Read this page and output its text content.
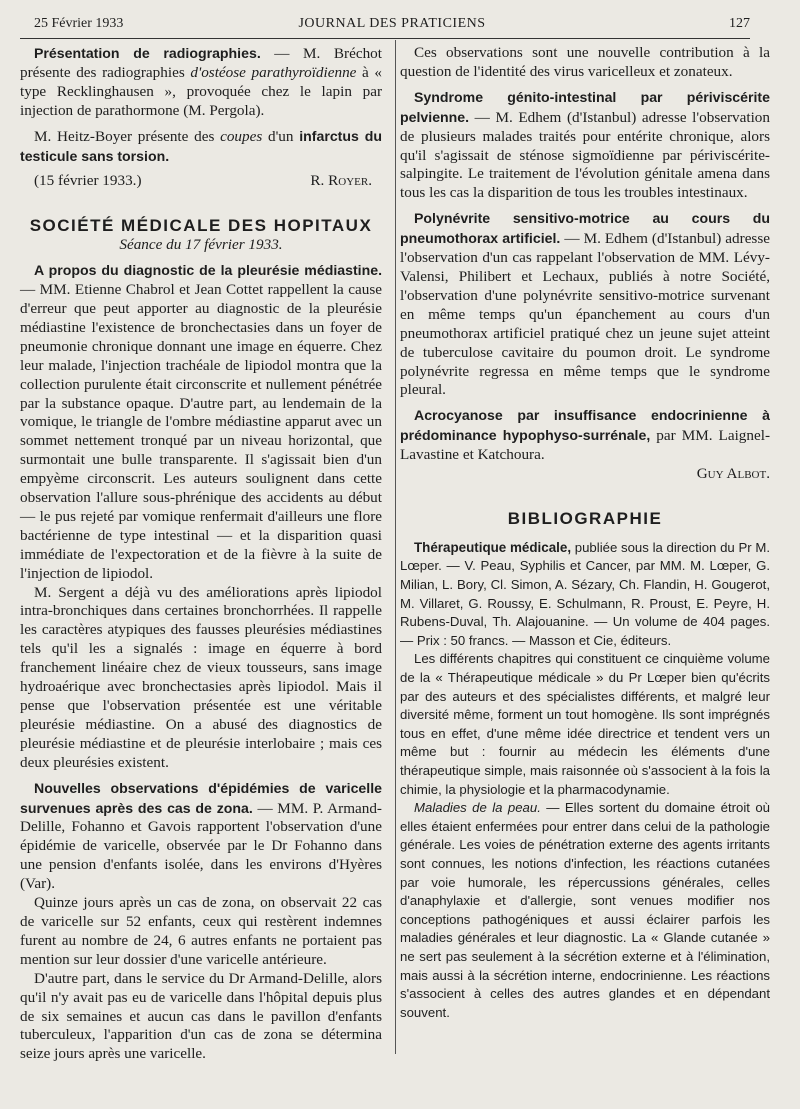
25 Février 1933	JOURNAL DES PRATICIENS	127

Présentation de radiographies. — M. Bréchot présente des radiographies d'ostéose parathyroïdienne à « type Recklinghausen », provoquée chez le lapin par injection de parathormone (M. Pergola).

M. Heitz-Boyer présente des coupes d'un infarctus du testicule sans torsion.

(15 février 1933.)	R. Royer.
SOCIÉTÉ MÉDICALE DES HOPITAUX
Séance du 17 février 1933.

A propos du diagnostic de la pleurésie médiastine. — MM. Etienne Chabrol et Jean Cottet rappellent la cause d'erreur que peut apporter au diagnostic de la pleurésie médiastine l'existence de bronchectasies dans un foyer de pneumonie chronique donnant une image en équerre. Chez leur malade, l'injection trachéale de lipiodol montra que la collection purulente était circonscrite et nullement pénétrée par la substance opaque. D'autre part, au lendemain de la vomique, le triangle de l'ombre médiastine apparut avec un sommet nettement tronqué par un niveau horizontal, que surmontait une bulle transparente. Il s'agissait bien d'un empyème circonscrit. Les auteurs soulignent dans cette observation l'allure sous-phrénique des accidents au début — le pus rejeté par vomique renfermait d'ailleurs une flore bactérienne de type intestinal — et la disparition quasi immédiate de l'expectoration et de la fièvre à la suite de l'injection de lipiodol.

M. Sergent a déjà vu des améliorations après lipiodol intra-bronchiques dans certaines bronchorrhées. Il rappelle les caractères atypiques des fausses pleurésies médiastines tels qu'il les a signalés : image en équerre à bord franchement linéaire chez de vieux tousseurs, sans image hydroaérique avec bronchectasies après lipiodol. Mais il pense que l'observation présentée est une véritable pleurésie médiastine. On a abusé des diagnostics de pleurésie médiastine et de pleurésie interlobaire ; mais ces deux pleurésies existent.

Nouvelles observations d'épidémies de varicelle survenues après des cas de zona. — MM. P. Armand-Delille, Fohanno et Gavois rapportent l'observation d'une épidémie de varicelle, observée par le Dr Fohanno dans une pension d'enfants isolée, dans les environs d'Hyères (Var).

Quinze jours après un cas de zona, on observait 22 cas de varicelle sur 52 enfants, ceux qui restèrent indemnes furent au nombre de 24, 6 autres enfants ne portaient pas mention sur leur dossier d'une varicelle antérieure.

D'autre part, dans le service du Dr Armand-Delille, alors qu'il n'y avait pas eu de varicelle dans l'hôpital depuis plus de six semaines et aucun cas dans le pavillon d'enfants tuberculeux, l'apparition d'un cas de zona se détermina seize jours après une varicelle.

Ces observations sont une nouvelle contribution à la question de l'identité des virus varicelleux et zonateux.

Syndrome génito-intestinal par périviscérite pelvienne. — M. Edhem (d'Istanbul) adresse l'observation de plusieurs malades traités pour entérite chronique, alors qu'il s'agissait de sténose sigmoïdienne par périviscérite-salpingite. Le traitement de l'évolution génitale amena dans tous les cas la disparition de tous les troubles intestinaux.

Polynévrite sensitivo-motrice au cours du pneumothorax artificiel. — M. Edhem (d'Istanbul) adresse l'observation d'un cas rappelant l'observation de MM. Lévy-Valensi, Philibert et Lechaux, publiés à notre Société, l'observation d'une polynévrite sensitivo-motrice survenant en même temps qu'un épanchement au cours d'un pneumothorax artificiel pratiqué chez un jeune sujet atteint de tuberculose cavitaire du poumon droit. Le syndrome polynévrite regressa en même temps que le syndrome pleural.

Acrocyanose par insuffisance endocrinienne à prédominance hypophyso-surrénale, par MM. Laignel-Lavastine et Katchoura.

Guy Albot.

BIBLIOGRAPHIE

Thérapeutique médicale, publiée sous la direction du Pr M. Lœper. — V. Peau, Syphilis et Cancer, par MM. M. Lœper, G. Milian, L. Bory, Cl. Simon, A. Sézary, Ch. Flandin, H. Gougerot, M. Villaret, G. Roussy, E. Schulmann, R. Proust, E. Peyre, H. Rubens-Duval, Th. Alajouanine. — Un volume de 404 pages. — Prix : 50 francs. — Masson et Cie, éditeurs.

Les différents chapitres qui constituent ce cinquième volume de la « Thérapeutique médicale » du Pr Lœper bien qu'écrits par des auteurs et des spécialistes différents, et malgré leur diversité même, forment un tout homogène. Ils sont imprégnés tous en effet, d'une même idée directrice et tendent vers un même but : fournir au médecin les éléments d'une thérapeutique simple, mais raisonnée où s'associent à la fois la chimie, la physiologie et la pharmacodynamie.

Maladies de la peau. — Elles sortent du domaine étroit où elles étaient enfermées pour entrer dans celui de la pathologie générale. Les voies de pénétration externe des agents irritants sont connues, les notions d'infection, les réactions cutanées par voie humorale, les répercussions générales, celles d'anaphylaxie et d'allergie, sont venues modifier nos conceptions pathogéniques et aussi éclairer parfois les maladies générales et leur diagnostic. La « Glande cutanée » ne sert pas seulement à la sécrétion externe et à l'élimination, mais aussi à la sécrétion interne, endocrinienne. Les réactions s'associent à celles des autres glandes et en dépendant souvent.
